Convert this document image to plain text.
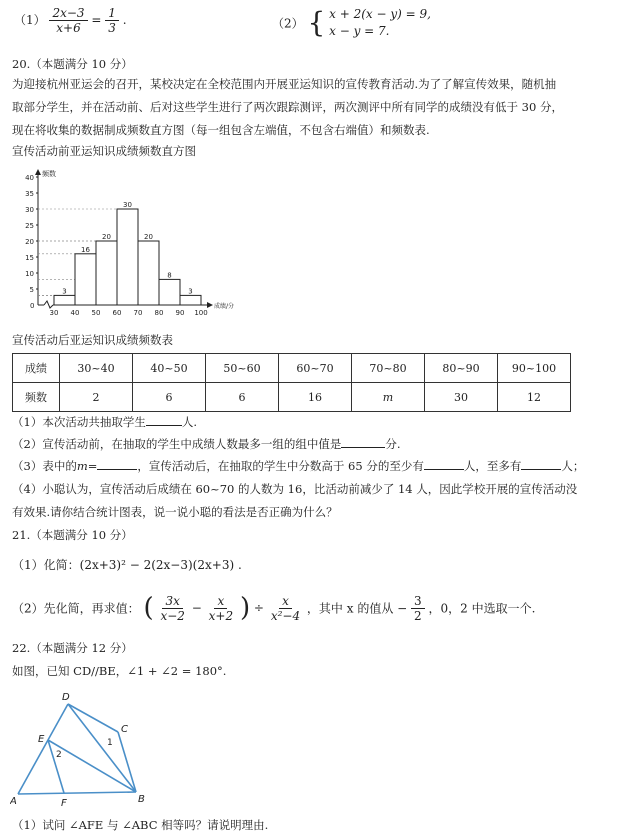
$(1) \frac{2x-3}{x+6} = \frac{1}{3}$ .	（2） { x + 2(x − y) = 9,
x − y = 7.
20.（本题满分 10 分）
为迎接杭州亚运会的召开，某校决定在全校范围内开展亚运知识的宣传教育活动.为了了解宣传效果，随机抽
取部分学生，并在活动前、后对这些学生进行了两次跟踪测评，两次测评中所有同学的成绩没有低于 30 分，
现在将收集的数据制成频数直方图（每一组包含左端值，不包含右端值）和频数表.
宣传活动前亚运知识成绩频数直方图
频数
成绩/分
0
5
10
15
20
25
30
35
40
30 40 50 60 70 80 90 100
3
16
20
30
20
8
3
宣传活动后亚运知识成绩频数表
成绩	30~40	40~50	50~60	60~70	70~80	80~90	90~100
频数	2	6	6	16	m	30	12
（1）本次活动共抽取学生	人.
（2）宣传活动前，在抽取的学生中成绩人数最多一组的组中值是	分.
（3）表中的m=	，宣传活动后，在抽取的学生中分数高于 65 分的至少有	人，至多有	人；
（4）小聪认为，宣传活动后成绩在 60~70 的人数为 16，比活动前减少了 14 人，因此学校开展的宣传活动没
有效果.请你结合统计图表，说一说小聪的看法是否正确为什么？
21.（本题满分 10 分）
（1）化简：(2x+3)² − 2(2x−3)(2x+3) .
（2）先化简，再求值： ( $\frac{3x}{x-2} - \frac{x}{x+2}$ ) ÷ $\frac{x}{\text{x²−4}}$ ，其中 x 的值从 − $\frac{3}{2}$ ，0，2 中选取一个.
22.（本题满分 12 分）
如图，已知 CD//BE，∠1 + ∠2 = 180°.
D
C
E
A	F	B
1
2
（1）试问 ∠AFE 与 ∠ABC 相等吗？请说明理由.
